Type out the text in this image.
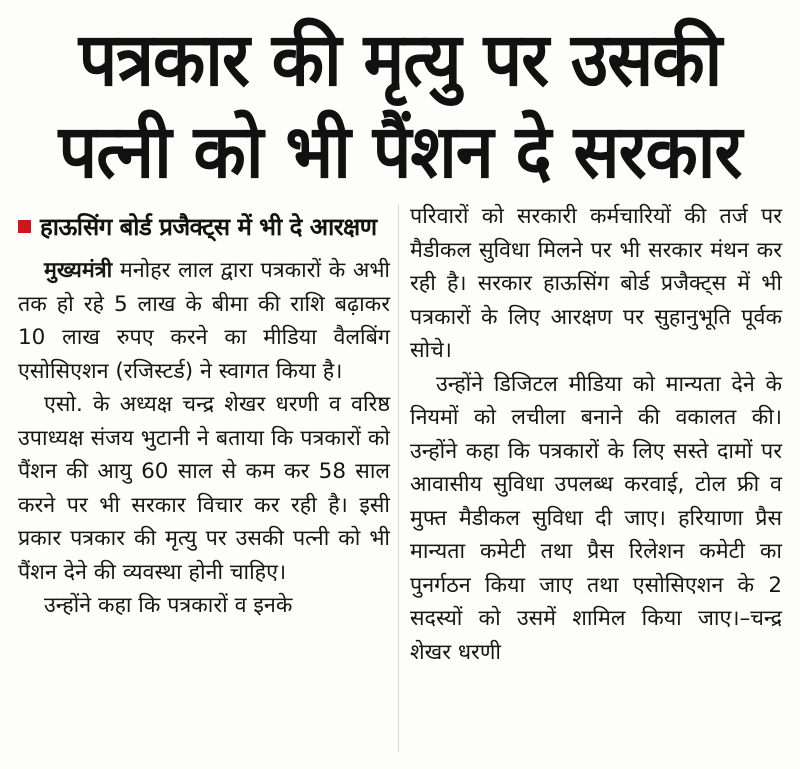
पत्रकार की मृत्यु पर उसकी
पत्नी को भी पैंशन दे सरकार
हाऊसिंग बोर्ड प्रजैक्ट्स में भी दे आरक्षण

मुख्यमंत्री मनोहर लाल द्वारा पत्रकारों के अभी तक हो रहे 5 लाख के बीमा की राशि बढ़ाकर 10 लाख रुपए करने का मीडिया वैलबिंग एसोसिएशन (रजिस्टर्ड) ने स्वागत किया है।

एसो. के अध्यक्ष चन्द्र शेखर धरणी व वरिष्ठ उपाध्यक्ष संजय भुटानी ने बताया कि पत्रकारों को पैंशन की आयु 60 साल से कम कर 58 साल करने पर भी सरकार विचार कर रही है। इसी प्रकार पत्रकार की मृत्यु पर उसकी पत्नी को भी पैंशन देने की व्यवस्था होनी चाहिए।

उन्होंने कहा कि पत्रकारों व इनके

परिवारों को सरकारी कर्मचारियों की तर्ज पर मैडीकल सुविधा मिलने पर भी सरकार मंथन कर रही है। सरकार हाऊसिंग बोर्ड प्रजैक्ट्स में भी पत्रकारों के लिए आरक्षण पर सुहानुभूति पूर्वक सोचे।

उन्होंने डिजिटल मीडिया को मान्यता देने के नियमों को लचीला बनाने की वकालत की। उन्होंने कहा कि पत्रकारों के लिए सस्ते दामों पर आवासीय सुविधा उपलब्ध करवाई, टोल फ्री व मुफ्त मैडीकल सुविधा दी जाए। हरियाणा प्रैस मान्यता कमेटी तथा प्रैस रिलेशन कमेटी का पुनर्गठन किया जाए तथा एसोसिएशन के 2 सदस्यों को उसमें शामिल किया जाए।–चन्द्र शेखर धरणी
